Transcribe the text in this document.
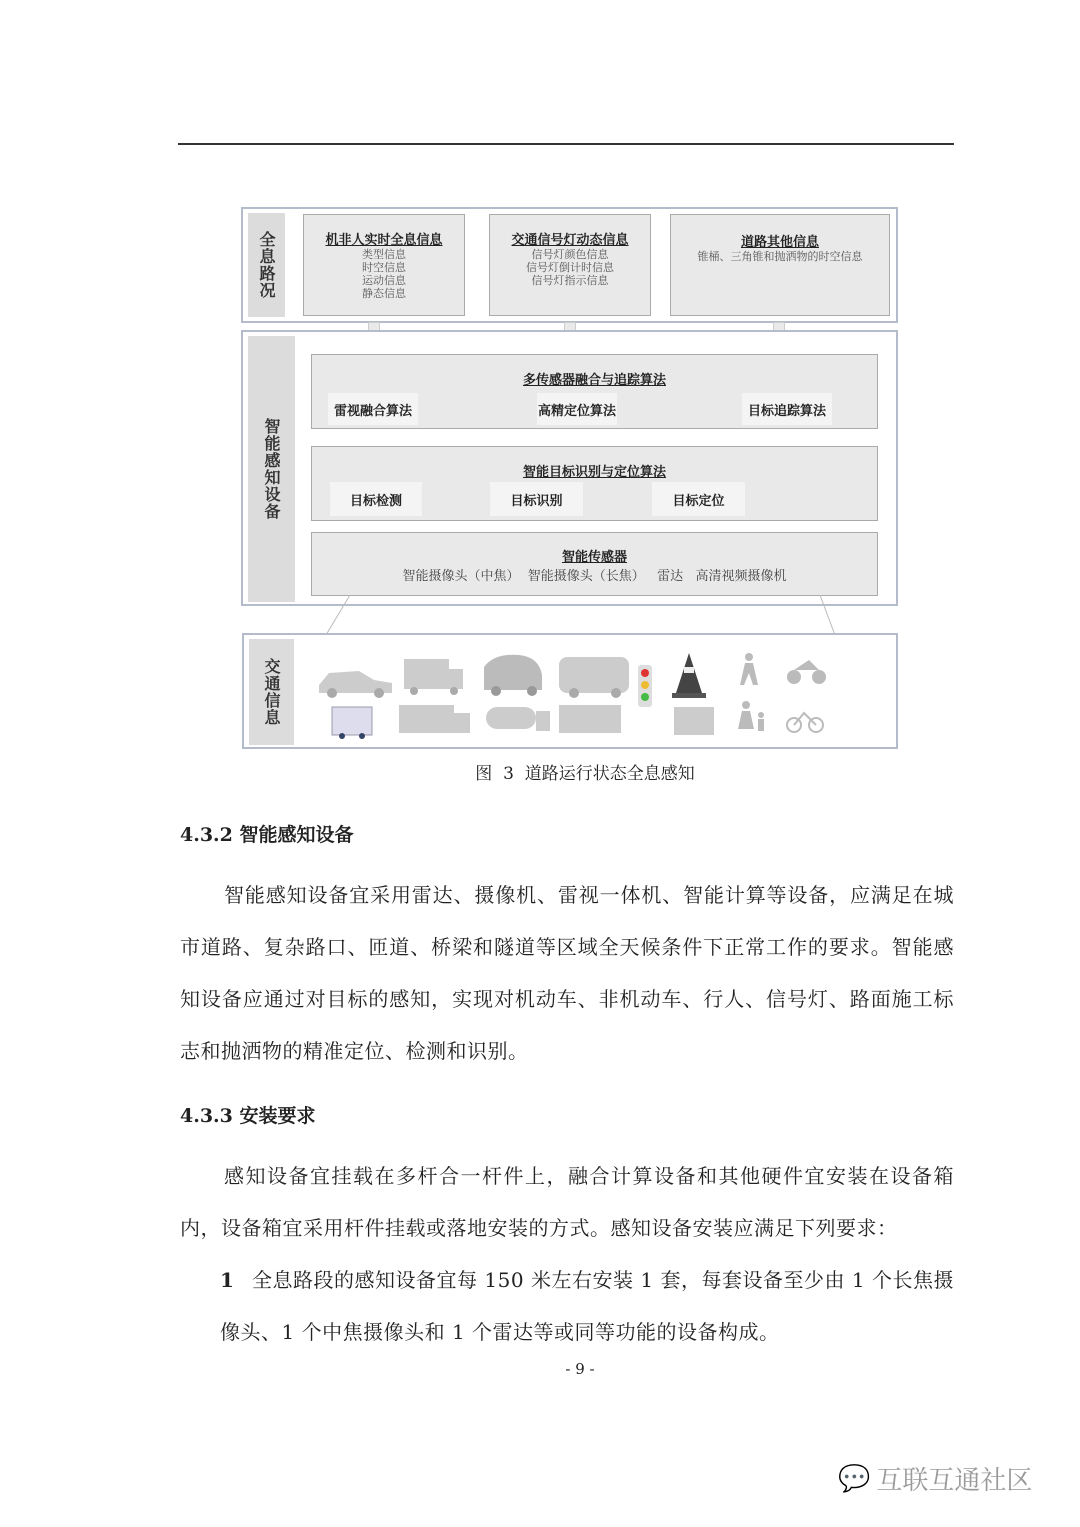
全息路况	机非人实时全息信息
类型信息
时空信息
运动信息
静态信息
交通信号灯动态信息
信号灯颜色信息
信号灯倒计时信息
信号灯指示信息
道路其他信息
锥桶、三角锥和抛洒物的时空信息
智能感知设备
多传感器融合与追踪算法
雷视融合算法	高精定位算法	目标追踪算法
智能目标识别与定位算法
目标检测	目标识别	目标定位
智能传感器
智能摄像头（中焦）  智能摄像头（长焦）   雷达   高清视频摄像机
交通信息
图  3  道路运行状态全息感知
4.3.2 智能感知设备
智能感知设备宜采用雷达、摄像机、雷视一体机、智能计算等设备，应满足在城市道路、复杂路口、匝道、桥梁和隧道等区域全天候条件下正常工作的要求。智能感知设备应通过对目标的感知，实现对机动车、非机动车、行人、信号灯、路面施工标志和抛洒物的精准定位、检测和识别。
4.3.3 安装要求
感知设备宜挂载在多杆合一杆件上，融合计算设备和其他硬件宜安装在设备箱内，设备箱宜采用杆件挂载或落地安装的方式。感知设备安装应满足下列要求：
1 全息路段的感知设备宜每 150 米左右安装 1 套，每套设备至少由 1 个长焦摄像头、1 个中焦摄像头和 1 个雷达等或同等功能的设备构成。
- 9 -
💬 互联互通社区
